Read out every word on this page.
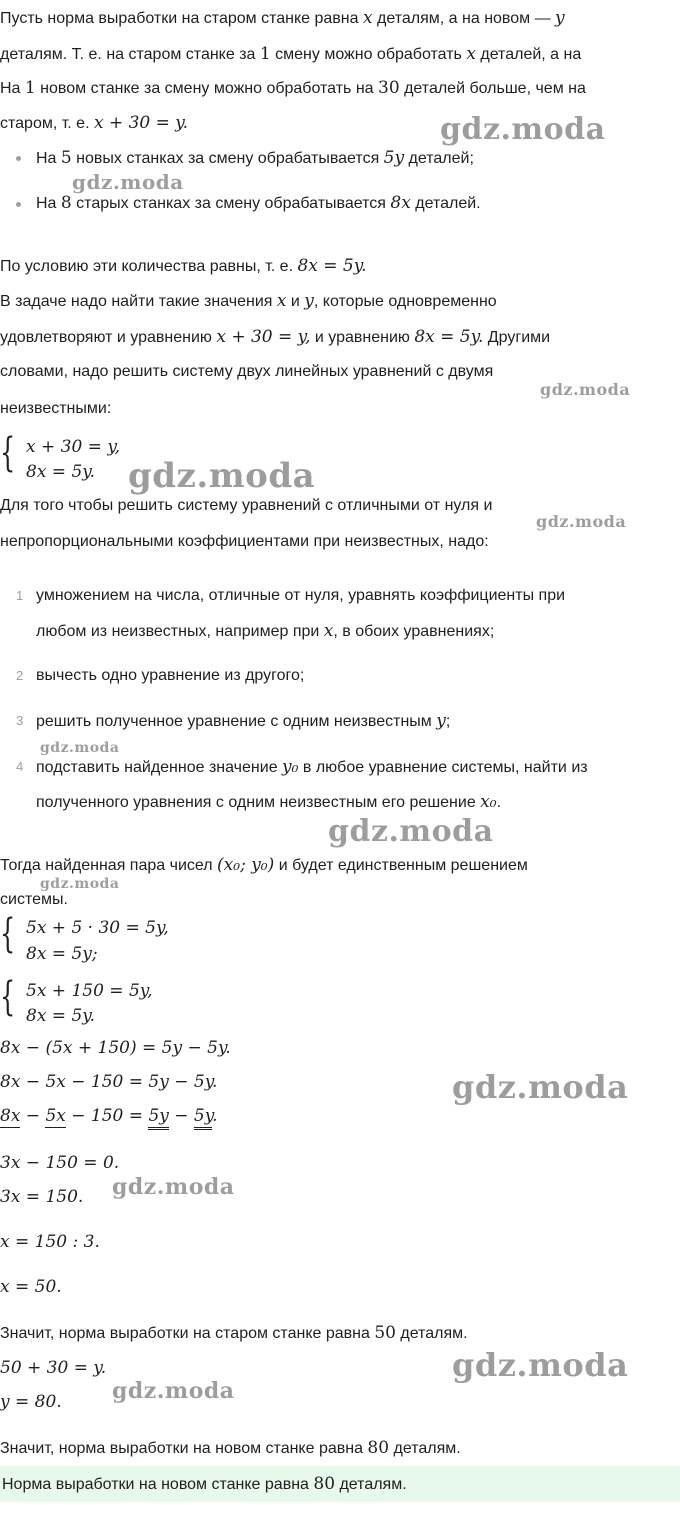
Пусть норма выработки на старом станке равна x деталям, а на новом — y
деталям. Т. е. на старом станке за 1 смену можно обработать x деталей, а на
На 1 новом станке за смену можно обработать на 30 деталей больше, чем на
старом, т. е. x + 30 = y.
На 5 новых станках за смену обрабатывается 5y деталей;
На 8 старых станках за смену обрабатывается 8x деталей.
По условию эти количества равны, т. е. 8x = 5y.
В задаче надо найти такие значения x и y, которые одновременно
удовлетворяют и уравнению x + 30 = y, и уравнению 8x = 5y. Другими
словами, надо решить систему двух линейных уравнений с двумя
неизвестными:
{ x + 30 = y,
8x = 5y.
Для того чтобы решить систему уравнений с отличными от нуля и
непропорциональными коэффициентами при неизвестных, надо:
1 умножением на числа, отличные от нуля, уравнять коэффициенты при
любом из неизвестных, например при x, в обоих уравнениях;
2 вычесть одно уравнение из другого;
3 решить полученное уравнение с одним неизвестным y;
4 подставить найденное значение y₀ в любое уравнение системы, найти из
полученного уравнения с одним неизвестным его решение x₀.
Тогда найденная пара чисел (x₀; y₀) и будет единственным решением
системы.
{ 5x + 5 · 30 = 5y,
8x = 5y;
{ 5x + 150 = 5y,
8x = 5y.
8x − (5x + 150) = 5y − 5y.
8x − 5x − 150 = 5y − 5y.
8x − 5x − 150 = 5y − 5y.
3x − 150 = 0.
3x = 150.
x = 150 : 3.
x = 50.
Значит, норма выработки на старом станке равна 50 деталям.
50 + 30 = y.
y = 80.
Значит, норма выработки на новом станке равна 80 деталям.
Норма выработки на новом станке равна 80 деталям.
gdz.moda
gdz.moda
gdz.moda
gdz.moda
gdz.moda
gdz.moda
gdz.moda
gdz.moda
gdz.moda
gdz.moda
gdz.moda
gdz.moda
